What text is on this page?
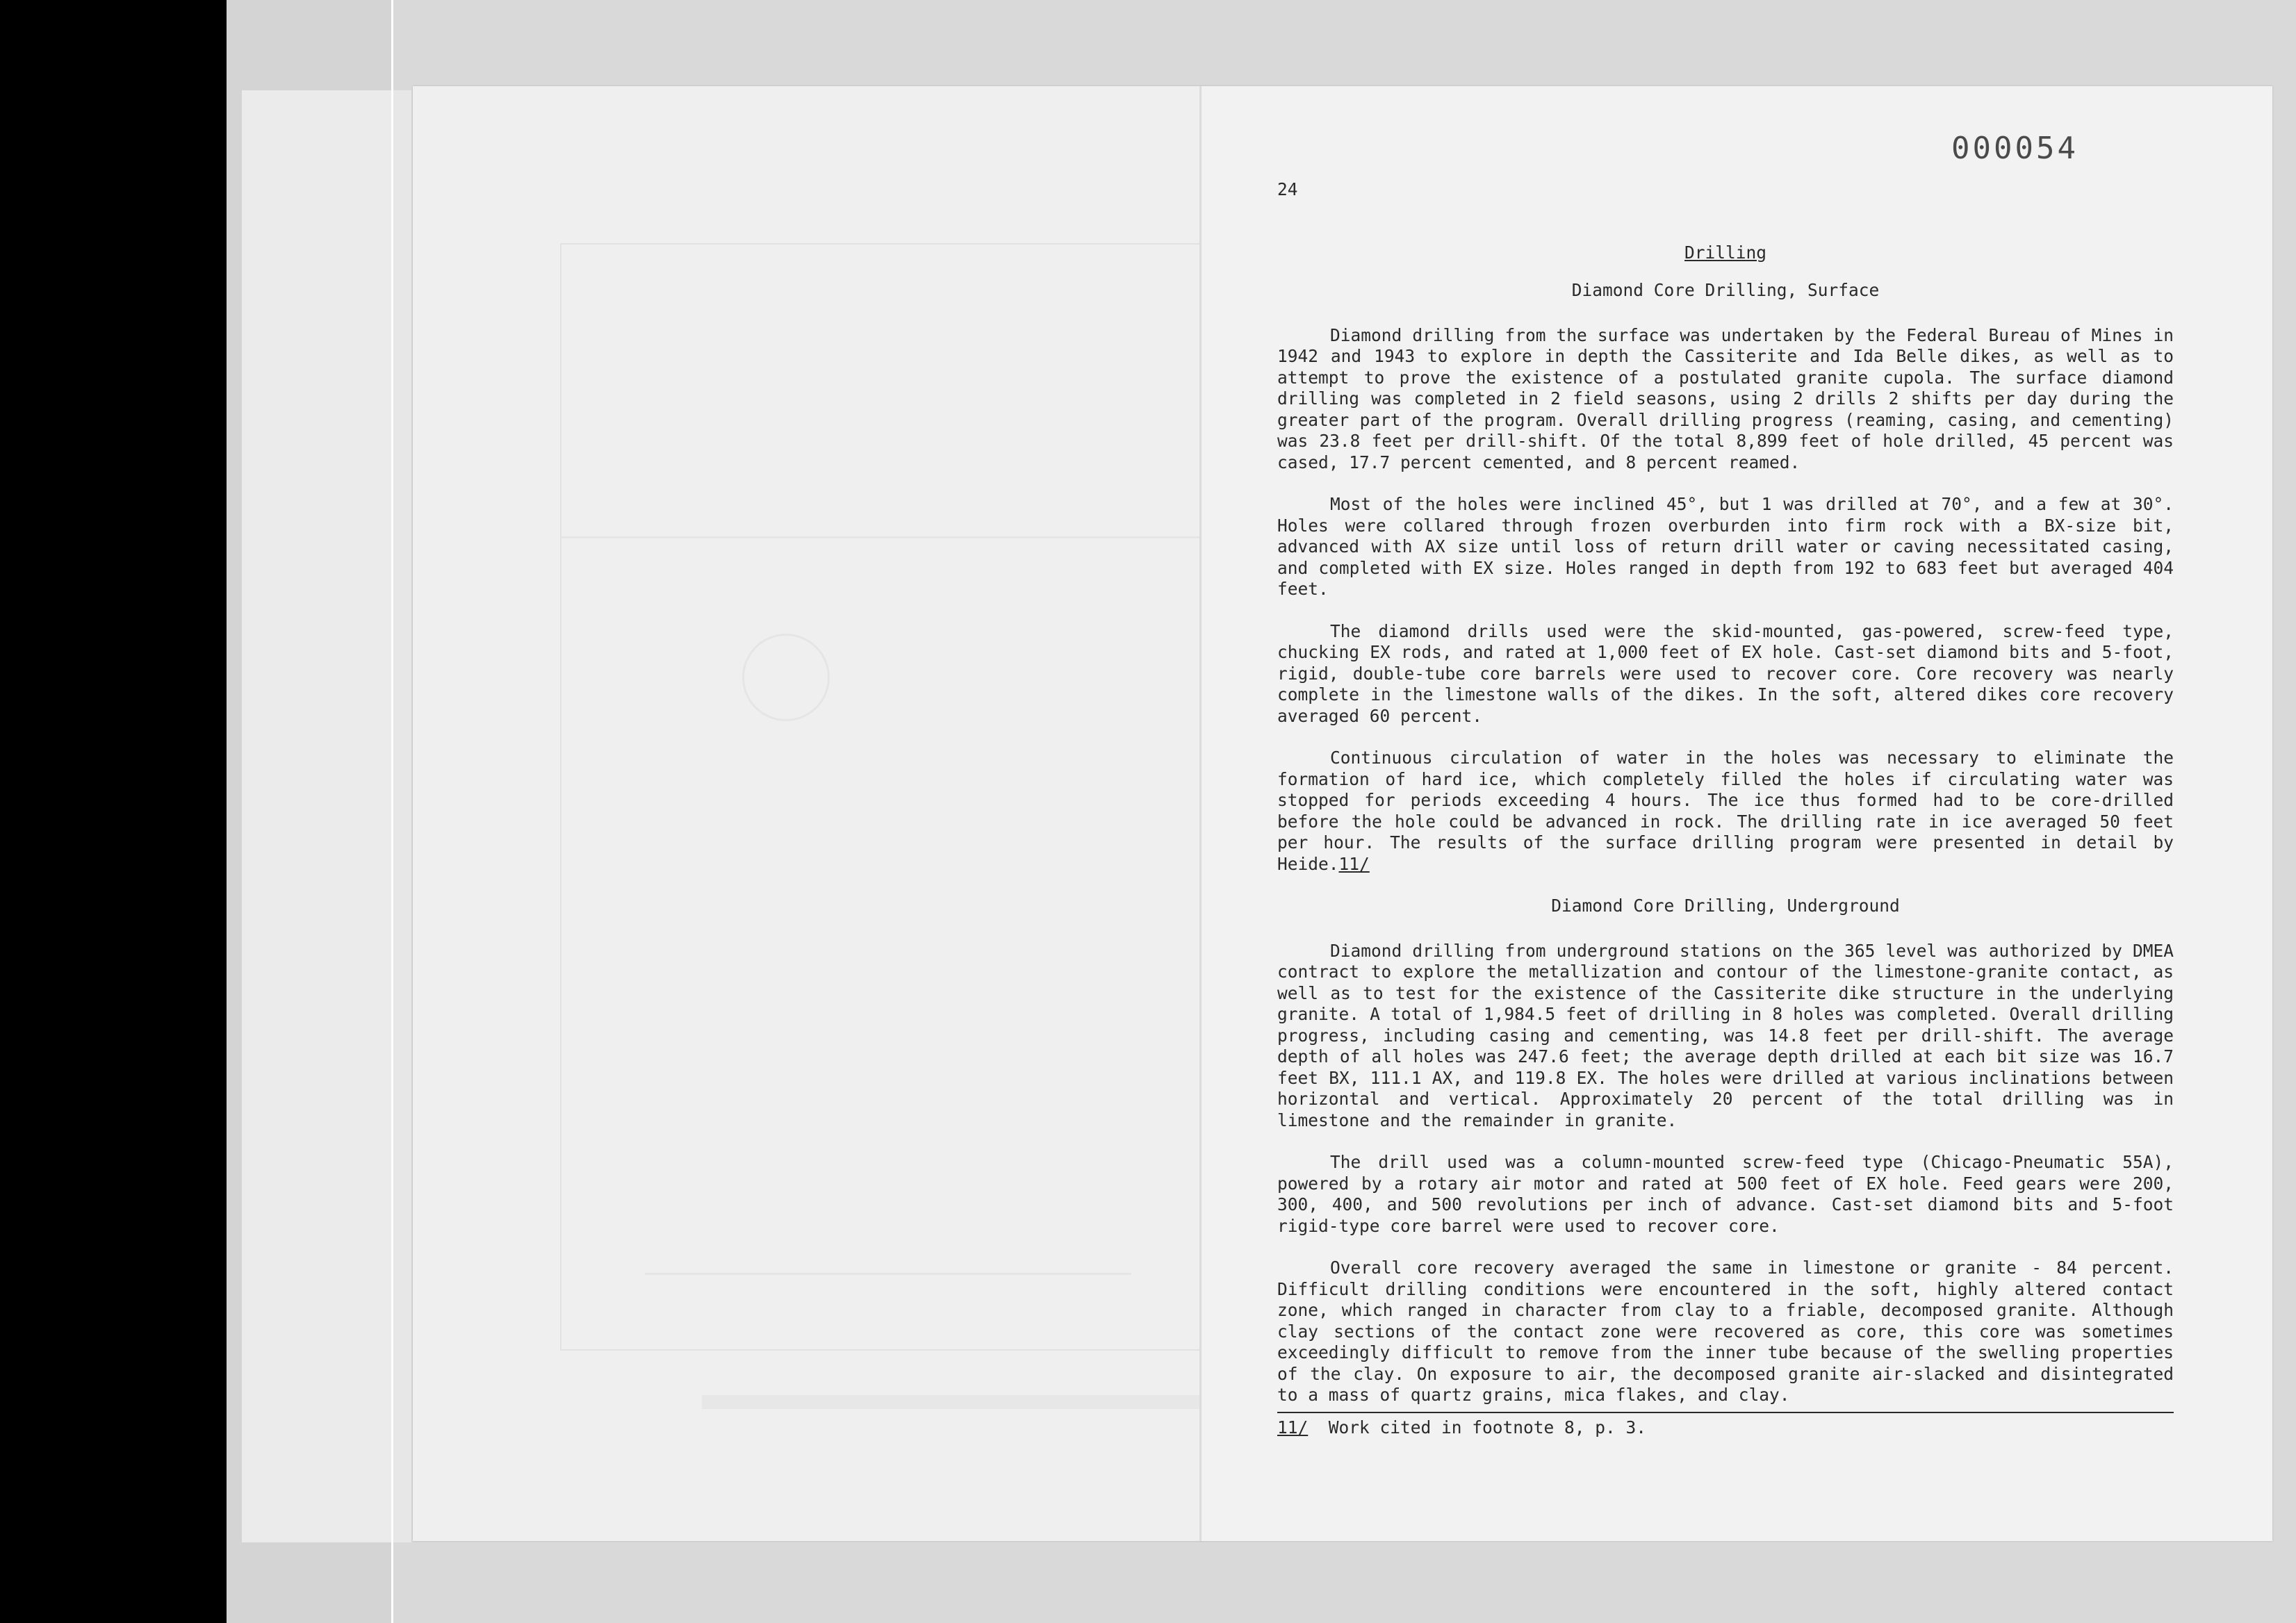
000054

24

Drilling

Diamond Core Drilling, Surface

Diamond drilling from the surface was undertaken by the Federal Bureau of Mines in 1942 and 1943 to explore in depth the Cassiterite and Ida Belle dikes, as well as to attempt to prove the existence of a postulated granite cupola. The surface diamond drilling was completed in 2 field seasons, using 2 drills 2 shifts per day during the greater part of the program. Overall drilling progress (reaming, casing, and cementing) was 23.8 feet per drill-shift. Of the total 8,899 feet of hole drilled, 45 percent was cased, 17.7 percent cemented, and 8 percent reamed.

Most of the holes were inclined 45°, but 1 was drilled at 70°, and a few at 30°. Holes were collared through frozen overburden into firm rock with a BX-size bit, advanced with AX size until loss of return drill water or caving necessitated casing, and completed with EX size. Holes ranged in depth from 192 to 683 feet but averaged 404 feet.

The diamond drills used were the skid-mounted, gas-powered, screw-feed type, chucking EX rods, and rated at 1,000 feet of EX hole. Cast-set diamond bits and 5-foot, rigid, double-tube core barrels were used to recover core. Core recovery was nearly complete in the limestone walls of the dikes. In the soft, altered dikes core recovery averaged 60 percent.

Continuous circulation of water in the holes was necessary to eliminate the formation of hard ice, which completely filled the holes if circulating water was stopped for periods exceeding 4 hours. The ice thus formed had to be core-drilled before the hole could be advanced in rock. The drilling rate in ice averaged 50 feet per hour. The results of the surface drilling program were presented in detail by Heide.11/

Diamond Core Drilling, Underground

Diamond drilling from underground stations on the 365 level was authorized by DMEA contract to explore the metallization and contour of the limestone-granite contact, as well as to test for the existence of the Cassiterite dike structure in the underlying granite. A total of 1,984.5 feet of drilling in 8 holes was completed. Overall drilling progress, including casing and cementing, was 14.8 feet per drill-shift. The average depth of all holes was 247.6 feet; the average depth drilled at each bit size was 16.7 feet BX, 111.1 AX, and 119.8 EX. The holes were drilled at various inclinations between horizontal and vertical. Approximately 20 percent of the total drilling was in limestone and the remainder in granite.

The drill used was a column-mounted screw-feed type (Chicago-Pneumatic 55A), powered by a rotary air motor and rated at 500 feet of EX hole. Feed gears were 200, 300, 400, and 500 revolutions per inch of advance. Cast-set diamond bits and 5-foot rigid-type core barrel were used to recover core.

Overall core recovery averaged the same in limestone or granite - 84 percent. Difficult drilling conditions were encountered in the soft, highly altered contact zone, which ranged in character from clay to a friable, decomposed granite. Although clay sections of the contact zone were recovered as core, this core was sometimes exceedingly difficult to remove from the inner tube because of the swelling properties of the clay. On exposure to air, the decomposed granite air-slacked and disintegrated to a mass of quartz grains, mica flakes, and clay.

11/ Work cited in footnote 8, p. 3.
